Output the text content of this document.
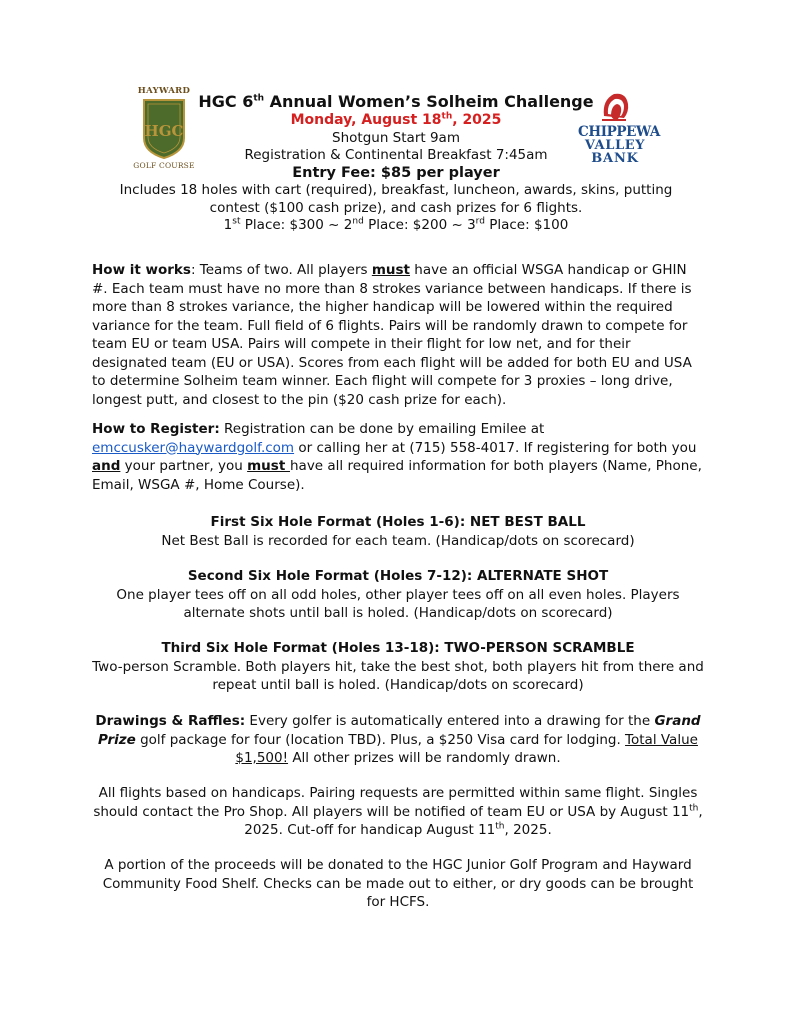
HAYWARD
HGC
GOLF COURSE
CHIPPEWA
VALLEY
BANK
HGC 6th Annual Women’s Solheim Challenge
Monday, August 18th, 2025
Shotgun Start 9am
Registration & Continental Breakfast 7:45am
Entry Fee: $85 per player
Includes 18 holes with cart (required), breakfast, luncheon, awards, skins, putting contest ($100 cash prize), and cash prizes for 6 flights.
1st Place: $300 ~ 2nd Place: $200 ~ 3rd Place: $100
How it works: Teams of two. All players must have an official WSGA handicap or GHIN #. Each team must have no more than 8 strokes variance between handicaps. If there is more than 8 strokes variance, the higher handicap will be lowered within the required variance for the team. Full field of 6 flights. Pairs will be randomly drawn to compete for team EU or team USA. Pairs will compete in their flight for low net, and for their designated team (EU or USA). Scores from each flight will be added for both EU and USA to determine Solheim team winner. Each flight will compete for 3 proxies – long drive, longest putt, and closest to the pin ($20 cash prize for each).
How to Register: Registration can be done by emailing Emilee at emccusker@haywardgolf.com or calling her at (715) 558-4017. If registering for both you and your partner, you must have all required information for both players (Name, Phone, Email, WSGA #, Home Course).
First Six Hole Format (Holes 1-6): NET BEST BALL
Net Best Ball is recorded for each team. (Handicap/dots on scorecard)
Second Six Hole Format (Holes 7-12): ALTERNATE SHOT
One player tees off on all odd holes, other player tees off on all even holes. Players alternate shots until ball is holed. (Handicap/dots on scorecard)
Third Six Hole Format (Holes 13-18): TWO-PERSON SCRAMBLE
Two-person Scramble. Both players hit, take the best shot, both players hit from there and repeat until ball is holed. (Handicap/dots on scorecard)
Drawings & Raffles: Every golfer is automatically entered into a drawing for the Grand Prize golf package for four (location TBD). Plus, a $250 Visa card for lodging. Total Value $1,500! All other prizes will be randomly drawn.
All flights based on handicaps. Pairing requests are permitted within same flight. Singles should contact the Pro Shop. All players will be notified of team EU or USA by August 11th, 2025. Cut-off for handicap August 11th, 2025.
A portion of the proceeds will be donated to the HGC Junior Golf Program and Hayward Community Food Shelf. Checks can be made out to either, or dry goods can be brought for HCFS.
